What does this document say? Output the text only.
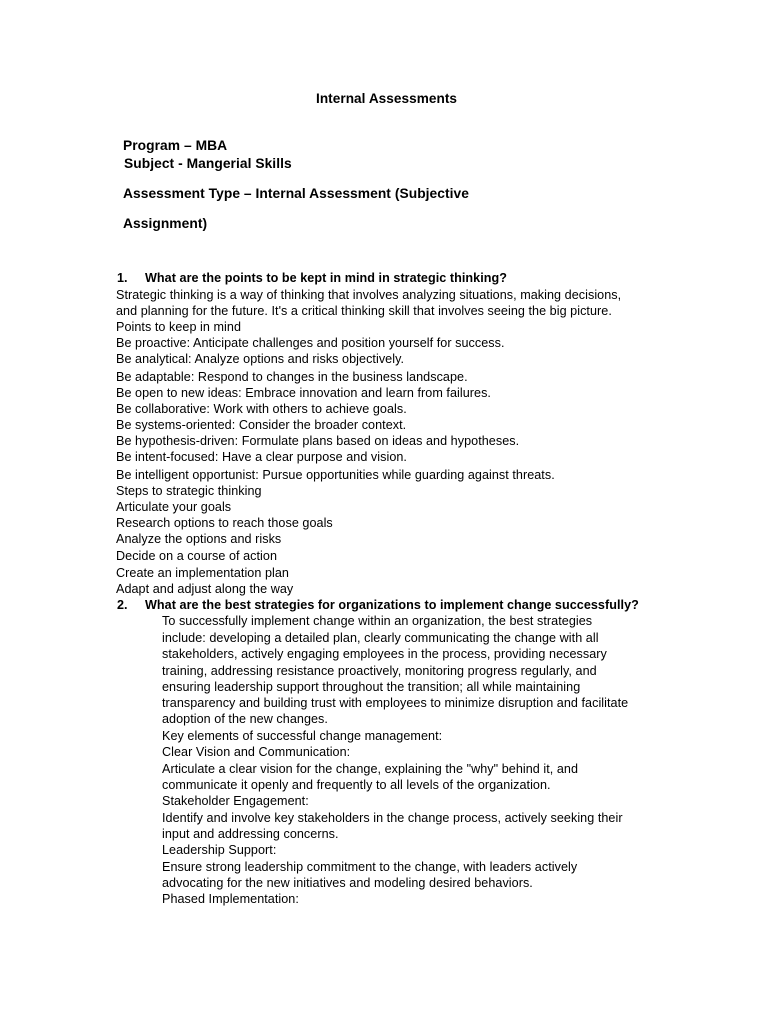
Internal Assessments
Program – MBA
Subject - Mangerial Skills
Assessment Type – Internal Assessment (Subjective
Assignment)
1. What are the points to be kept in mind in strategic thinking?
Strategic thinking is a way of thinking that involves analyzing situations, making decisions,
and planning for the future. It's a critical thinking skill that involves seeing the big picture.
Points to keep in mind
Be proactive: Anticipate challenges and position yourself for success.
Be analytical: Analyze options and risks objectively.
Be adaptable: Respond to changes in the business landscape.
Be open to new ideas: Embrace innovation and learn from failures.
Be collaborative: Work with others to achieve goals.
Be systems-oriented: Consider the broader context.
Be hypothesis-driven: Formulate plans based on ideas and hypotheses.
Be intent-focused: Have a clear purpose and vision.
Be intelligent opportunist: Pursue opportunities while guarding against threats.
Steps to strategic thinking
Articulate your goals
Research options to reach those goals
Analyze the options and risks
Decide on a course of action
Create an implementation plan
Adapt and adjust along the way
2. What are the best strategies for organizations to implement change successfully?
To successfully implement change within an organization, the best strategies
include: developing a detailed plan, clearly communicating the change with all
stakeholders, actively engaging employees in the process, providing necessary
training, addressing resistance proactively, monitoring progress regularly, and
ensuring leadership support throughout the transition; all while maintaining
transparency and building trust with employees to minimize disruption and facilitate
adoption of the new changes.
Key elements of successful change management:
Clear Vision and Communication:
Articulate a clear vision for the change, explaining the "why" behind it, and
communicate it openly and frequently to all levels of the organization.
Stakeholder Engagement:
Identify and involve key stakeholders in the change process, actively seeking their
input and addressing concerns.
Leadership Support:
Ensure strong leadership commitment to the change, with leaders actively
advocating for the new initiatives and modeling desired behaviors.
Phased Implementation:
